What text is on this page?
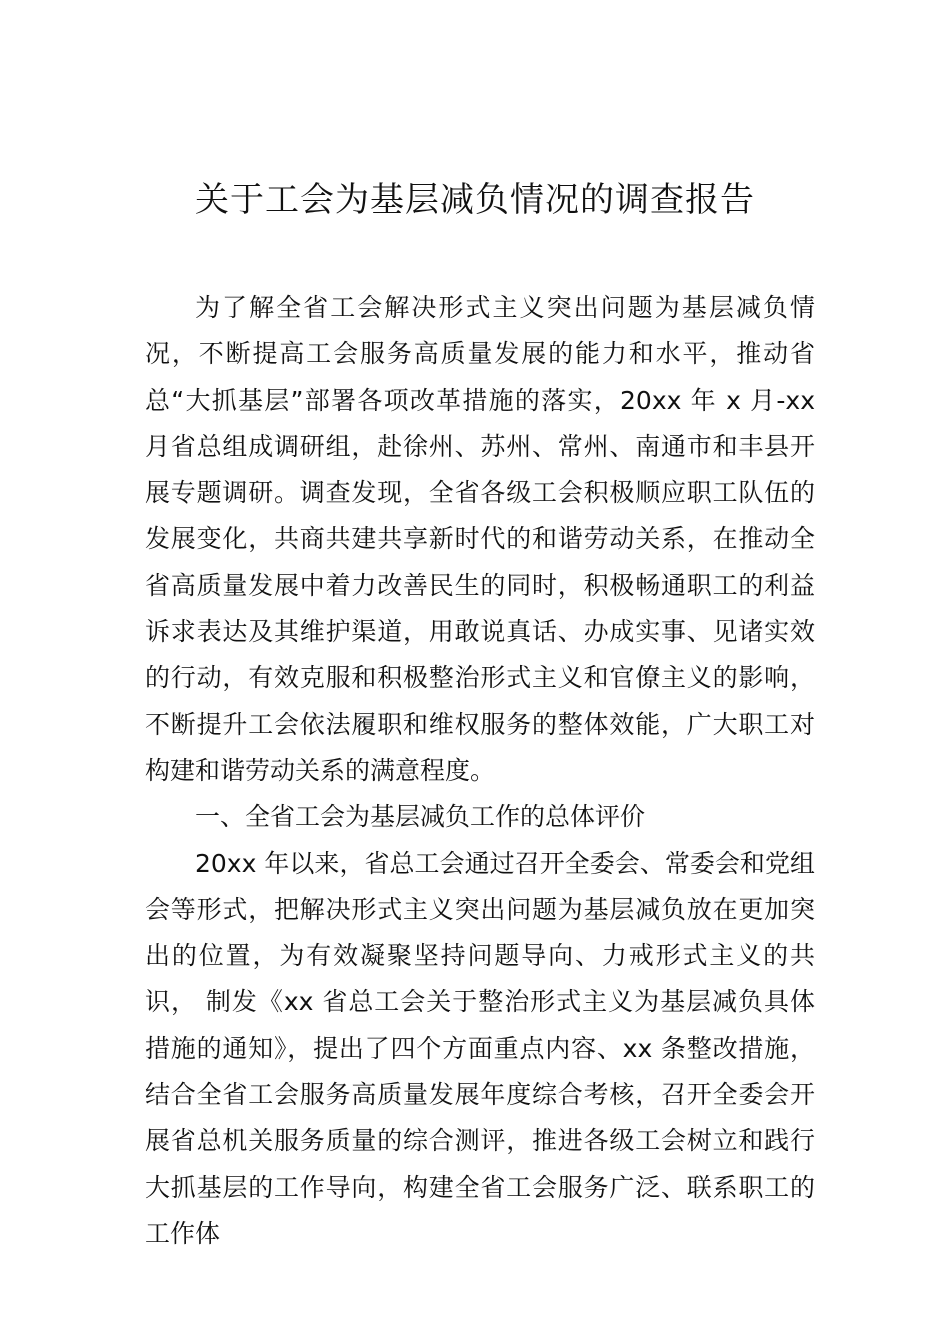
关于工会为基层减负情况的调查报告

为了解全省工会解决形式主义突出问题为基层减负情况，不断提高工会服务高质量发展的能力和水平，推动省总“大抓基层”部署各项改革措施的落实，20xx 年 x 月-xx 月省总组成调研组，赴徐州、苏州、常州、南通市和丰县开展专题调研。调查发现，全省各级工会积极顺应职工队伍的发展变化，共商共建共享新时代的和谐劳动关系，在推动全省高质量发展中着力改善民生的同时，积极畅通职工的利益诉求表达及其维护渠道，用敢说真话、办成实事、见诸实效的行动，有效克服和积极整治形式主义和官僚主义的影响，不断提升工会依法履职和维权服务的整体效能，广大职工对构建和谐劳动关系的满意程度。

一、全省工会为基层减负工作的总体评价

20xx 年以来，省总工会通过召开全委会、常委会和党组会等形式，把解决形式主义突出问题为基层减负放在更加突出的位置，为有效凝聚坚持问题导向、力戒形式主义的共识， 制发《xx 省总工会关于整治形式主义为基层减负具体措施的通知》，提出了四个方面重点内容、xx 条整改措施，结合全省工会服务高质量发展年度综合考核，召开全委会开展省总机关服务质量的综合测评，推进各级工会树立和践行大抓基层的工作导向，构建全省工会服务广泛、联系职工的工作体
